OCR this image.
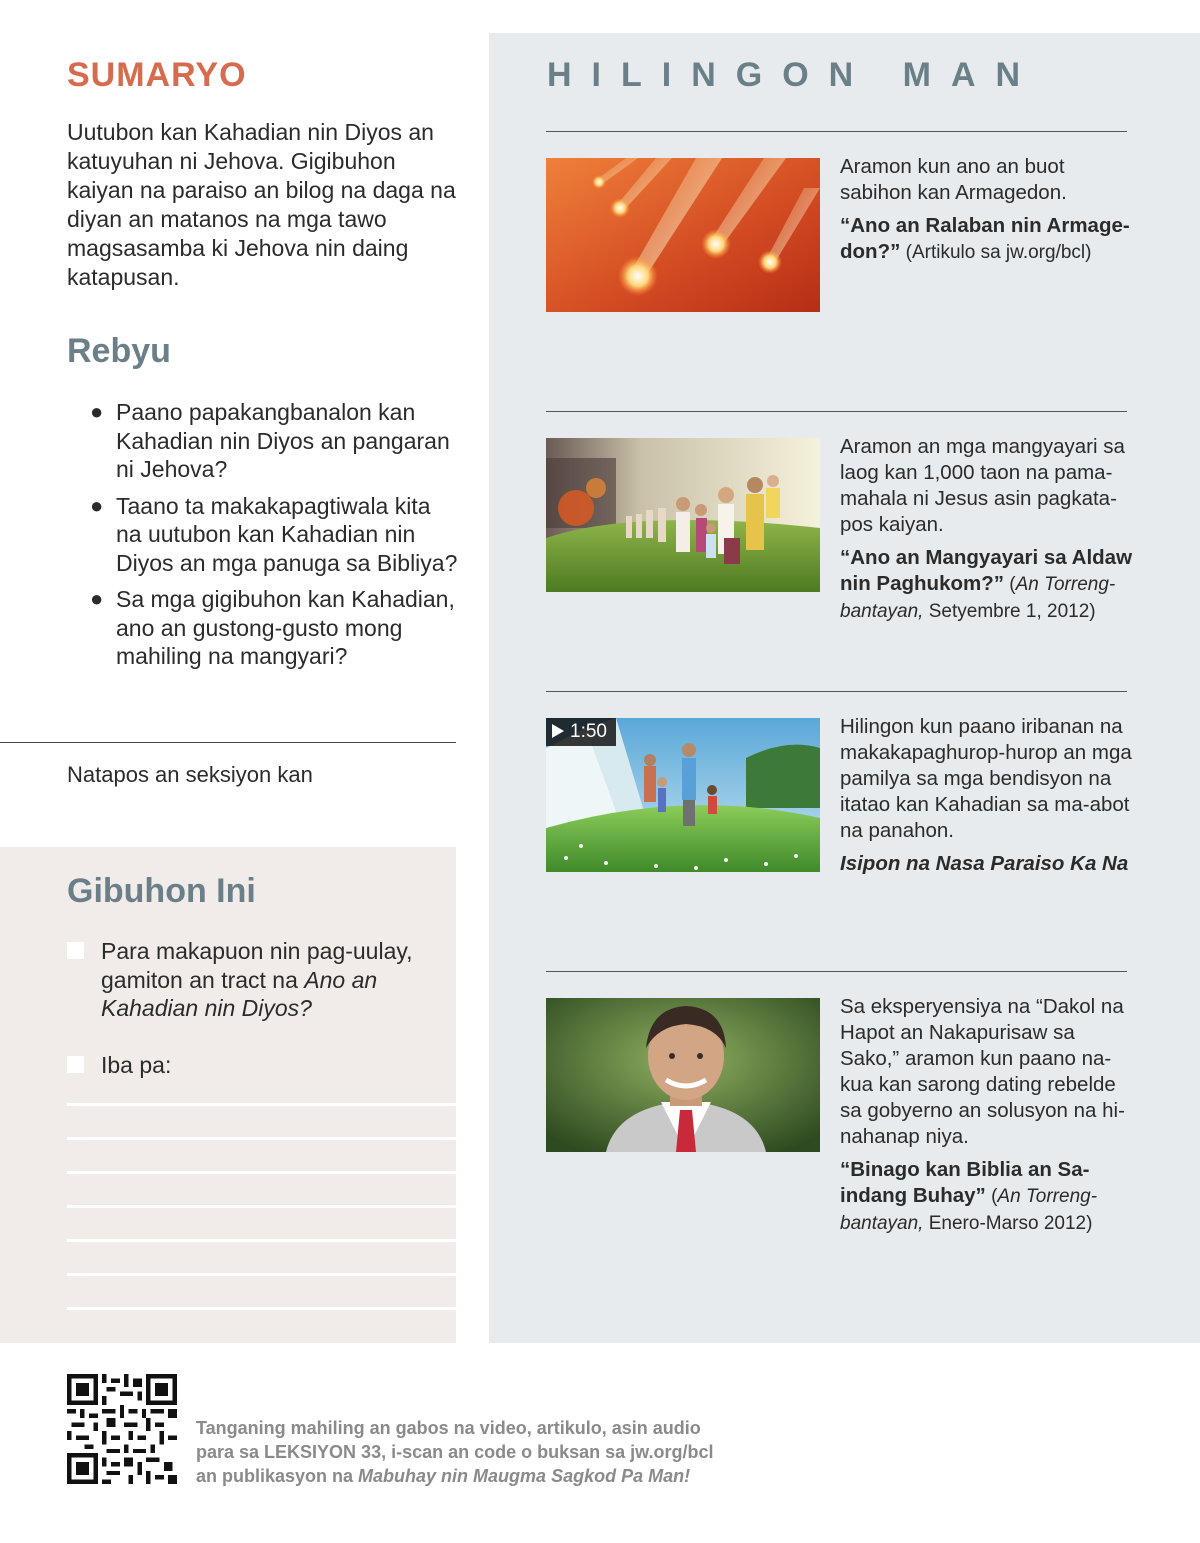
SUMARYO

Uutubon kan Kahadian nin Diyos an katuyuhan ni Jehova. Gigibuhon kaiyan na paraiso an bilog na daga na diyan an matanos na mga tawo magsasamba ki Jehova nin daing katapusan.

Rebyu
● Paano papakangbanalon kan Kahadian nin Diyos an pangaran ni Jehova?
● Taano ta makakapagtiwala kita na uutubon kan Kahadian nin Diyos an mga panuga sa Bibliya?
● Sa mga gigibuhon kan Kahadian, ano an gustong-gusto mong mahiling na mangyari?
Natapos an seksiyon kan
Gibuhon Ini
Para makapuon nin pag-uulay, gamiton an tract na Ano an Kahadian nin Diyos?
Iba pa:
HILINGON MAN
Aramon kun ano an buot sabihon kan Armagedon.
“Ano an Ralaban nin Armage-don?” (Artikulo sa jw.org/bcl)
Aramon an mga mangyayari sa laog kan 1,000 taon na pama-mahala ni Jesus asin pagkata-pos kaiyan.
“Ano an Mangyayari sa Aldaw nin Paghukom?” (An Torreng-bantayan, Setyembre 1, 2012)
1:50	Hilingon kun paano iribanan na makakapaghurop-hurop an mga pamilya sa mga bendisyon na itatao kan Kahadian sa ma-abot na panahon.
Isipon na Nasa Paraiso Ka Na
Sa eksperyensiya na “Dakol na Hapot an Nakapurisaw sa Sako,” aramon kun paano na-kua kan sarong dating rebelde sa gobyerno an solusyon na hi-nahanap niya.
“Binago kan Biblia an Sa-indang Buhay” (An Torreng-bantayan, Enero-Marso 2012)
Tanganing mahiling an gabos na video, artikulo, asin audio
para sa LEKSIYON 33, i-scan an code o buksan sa jw.org/bcl
an publikasyon na Mabuhay nin Maugma Sagkod Pa Man!
